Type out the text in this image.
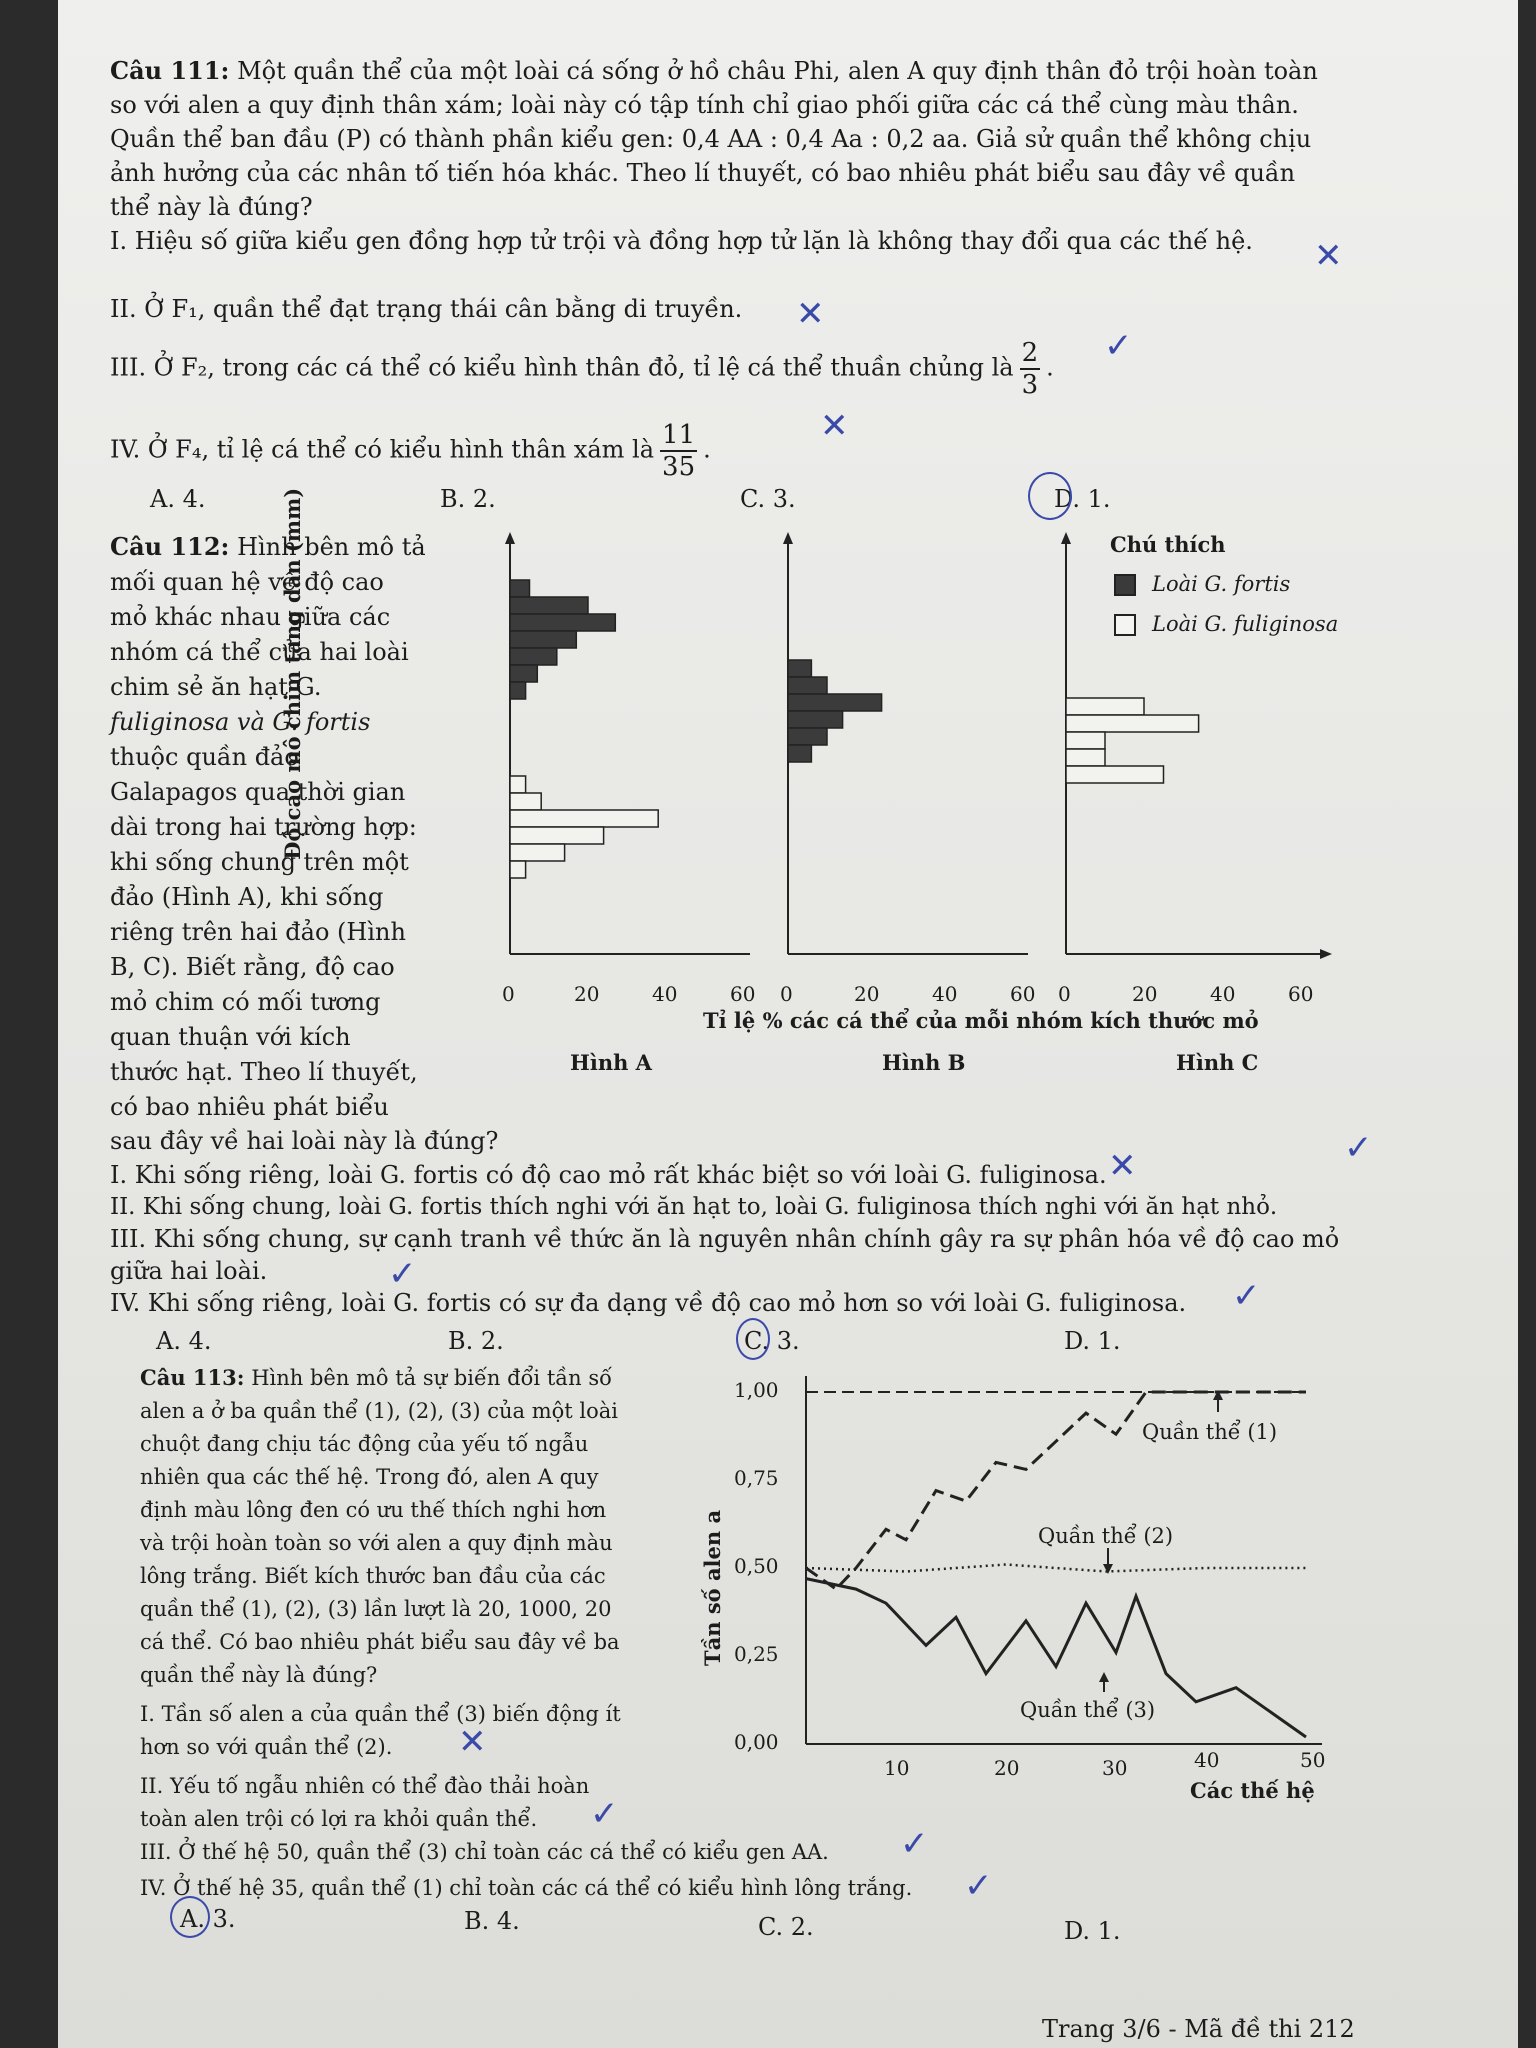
Câu 111: Một quần thể của một loài cá sống ở hồ châu Phi, alen A quy định thân đỏ trội hoàn toàn
so với alen a quy định thân xám; loài này có tập tính chỉ giao phối giữa các cá thể cùng màu thân.
Quần thể ban đầu (P) có thành phần kiểu gen: 0,4 AA : 0,4 Aa : 0,2 aa. Giả sử quần thể không chịu
ảnh hưởng của các nhân tố tiến hóa khác. Theo lí thuyết, có bao nhiêu phát biểu sau đây về quần
thể này là đúng?
I. Hiệu số giữa kiểu gen đồng hợp tử trội và đồng hợp tử lặn là không thay đổi qua các thế hệ. ✕
II. Ở F₁, quần thể đạt trạng thái cân bằng di truyền. ✕
III. Ở F₂, trong các cá thể có kiểu hình thân đỏ, tỉ lệ cá thể thuần chủng là $\frac{2}{3}$ .
✓
IV. Ở F₄, tỉ lệ cá thể có kiểu hình thân xám là $\frac{11}{35}$ .
✕
A. 4.	B. 2.	C. 3.	D. 1.
Câu 112: Hình bên mô tả
mối quan hệ về độ cao
mỏ khác nhau giữa các
nhóm cá thể của hai loài
chim sẻ ăn hạt G.
fuliginosa và G. fortis
thuộc quần đảo
Galapagos qua thời gian
dài trong hai trường hợp:
khi sống chung trên một
đảo (Hình A), khi sống
riêng trên hai đảo (Hình
B, C). Biết rằng, độ cao
mỏ chim có mối tương
quan thuận với kích
thước hạt. Theo lí thuyết,
có bao nhiêu phát biểu
Độ cao mô chim tăng dần (mm)
0	20	40	60 0	20	40	60 0	20	40	60
Tỉ lệ % các cá thể của mỗi nhóm kích thước mỏ
Hình A	Hình B	Hình C
Chú thích
Loài G. fortis
Loài G. fuliginosa
sau đây về hai loài này là đúng?
I. Khi sống riêng, loài G. fortis có độ cao mỏ rất khác biệt so với loài G. fuliginosa. ✕	✓
II. Khi sống chung, loài G. fortis thích nghi với ăn hạt to, loài G. fuliginosa thích nghi với ăn hạt nhỏ.
III. Khi sống chung, sự cạnh tranh về thức ăn là nguyên nhân chính gây ra sự phân hóa về độ cao mỏ
giữa hai loài.	✓
IV. Khi sống riêng, loài G. fortis có sự đa dạng về độ cao mỏ hơn so với loài G. fuliginosa. ✓
A. 4.	B. 2.	C. 3.	D. 1.
Câu 113: Hình bên mô tả sự biến đổi tần số
alen a ở ba quần thể (1), (2), (3) của một loài
chuột đang chịu tác động của yếu tố ngẫu
nhiên qua các thế hệ. Trong đó, alen A quy
định màu lông đen có ưu thế thích nghi hơn
và trội hoàn toàn so với alen a quy định màu
lông trắng. Biết kích thước ban đầu của các
quần thể (1), (2), (3) lần lượt là 20, 1000, 20
cá thể. Có bao nhiêu phát biểu sau đây về ba
quần thể này là đúng?
I. Tần số alen a của quần thể (3) biến động ít
hơn so với quần thể (2). ✕
II. Yếu tố ngẫu nhiên có thể đào thải hoàn
toàn alen trội có lợi ra khỏi quần thể. ✓
1,00
0,75
0,50
0,25
0,00
10	20	30	40	50
Các thế hệ
Tần số alen a
Quần thể (1)
Quần thể (2)
Quần thể (3)
III. Ở thế hệ 50, quần thể (3) chỉ toàn các cá thể có kiểu gen AA. ✓
IV. Ở thế hệ 35, quần thể (1) chỉ toàn các cá thể có kiểu hình lông trắng. ✓
A. 3.	B. 4.	C. 2.	D. 1.
Trang 3/6 - Mã đề thi 212
